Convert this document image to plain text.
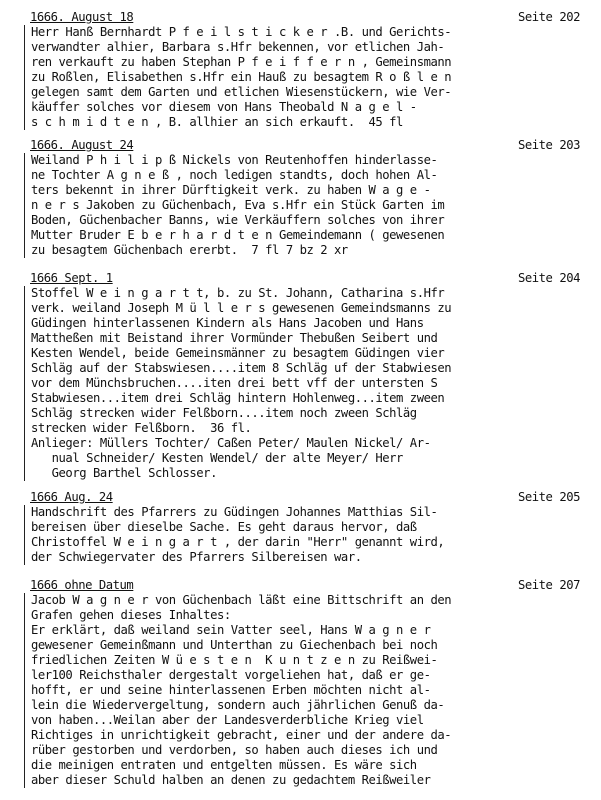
1666. August 18	Seite 202
Herr Hanß Bernhardt P f e i l s t i c k e r .B. und Gerichts-
verwandter alhier, Barbara s.Hfr bekennen, vor etlichen Jah-
ren verkauft zu haben Stephan P f e i f f e r n , Gemeinsmann
zu Roßlen, Elisabethen s.Hfr ein Hauß zu besagtem R o ß l e n
gelegen samt dem Garten und etlichen Wiesenstückern, wie Ver-
käuffer solches vor diesem von Hans Theobald N a g e l -
s c h m i d t e n , B. allhier an sich erkauft.  45 fl
1666. August 24	Seite 203
Weiland P h i l i p ß Nickels von Reutenhoffen hinderlasse-
ne Tochter A g n e ß , noch ledigen standts, doch hohen Al-
ters bekennt in ihrer Dürftigkeit verk. zu haben W a g e -
n e r s Jakoben zu Güchenbach, Eva s.Hfr ein Stück Garten im
Boden, Güchenbacher Banns, wie Verkäuffern solches von ihrer
Mutter Bruder E b e r h a r d t e n Gemeindemann ( gewesenen
zu besagtem Güchenbach ererbt.  7 fl 7 bz 2 xr
1666 Sept. 1	Seite 204
Stoffel W e i n g a r t t, b. zu St. Johann, Catharina s.Hfr
verk. weiland Joseph M ü l l e r s gewesenen Gemeindsmanns zu
Güdingen hinterlassenen Kindern als Hans Jacoben und Hans
Mattheßen mit Beistand ihrer Vormünder Thebußen Seibert und
Kesten Wendel, beide Gemeinsmänner zu besagtem Güdingen vier
Schläg auf der Stabswiesen....item 8 Schläg uf der Stabwiesen
vor dem Münchsbruchen....iten drei bett vff der untersten S
Stabwiesen...item drei Schläg hintern Hohlenweg...item zween
Schläg strecken wider Felßborn....item noch zween Schläg
strecken wider Felßborn.  36 fl.
Anlieger: Müllers Tochter/ Caßen Peter/ Maulen Nickel/ Ar-
nual Schneider/ Kesten Wendel/ der alte Meyer/ Herr
Georg Barthel Schlosser.
1666 Aug. 24	Seite 205
Handschrift des Pfarrers zu Güdingen Johannes Matthias Sil-
bereisen über dieselbe Sache. Es geht daraus hervor, daß
Christoffel W e i n g a r t , der darin "Herr" genannt wird,
der Schwiegervater des Pfarrers Silbereisen war.
1666 ohne Datum	Seite 207
Jacob W a g n e r von Güchenbach läßt eine Bittschrift an den
Grafen gehen dieses Inhaltes:
Er erklärt, daß weiland sein Vatter seel, Hans W a g n e r
gewesener Gemeinßmann und Unterthan zu Giechenbach bei noch
friedlichen Zeiten W ü e s t e n  K u n t z e n zu Reißwei-
ler100 Reichsthaler dergestalt vorgeliehen hat, daß er ge-
hofft, er und seine hinterlassenen Erben möchten nicht al-
lein die Wiedervergeltung, sondern auch jährlichen Genuß da-
von haben...Weilan aber der Landesverderbliche Krieg viel
Richtiges in unrichtigkeit gebracht, einer und der andere da-
rüber gestorben und verdorben, so haben auch dieses ich und
die meinigen entraten und entgelten müssen. Es wäre sich
aber dieser Schuld halben an denen zu gedachtem Reißweiler
